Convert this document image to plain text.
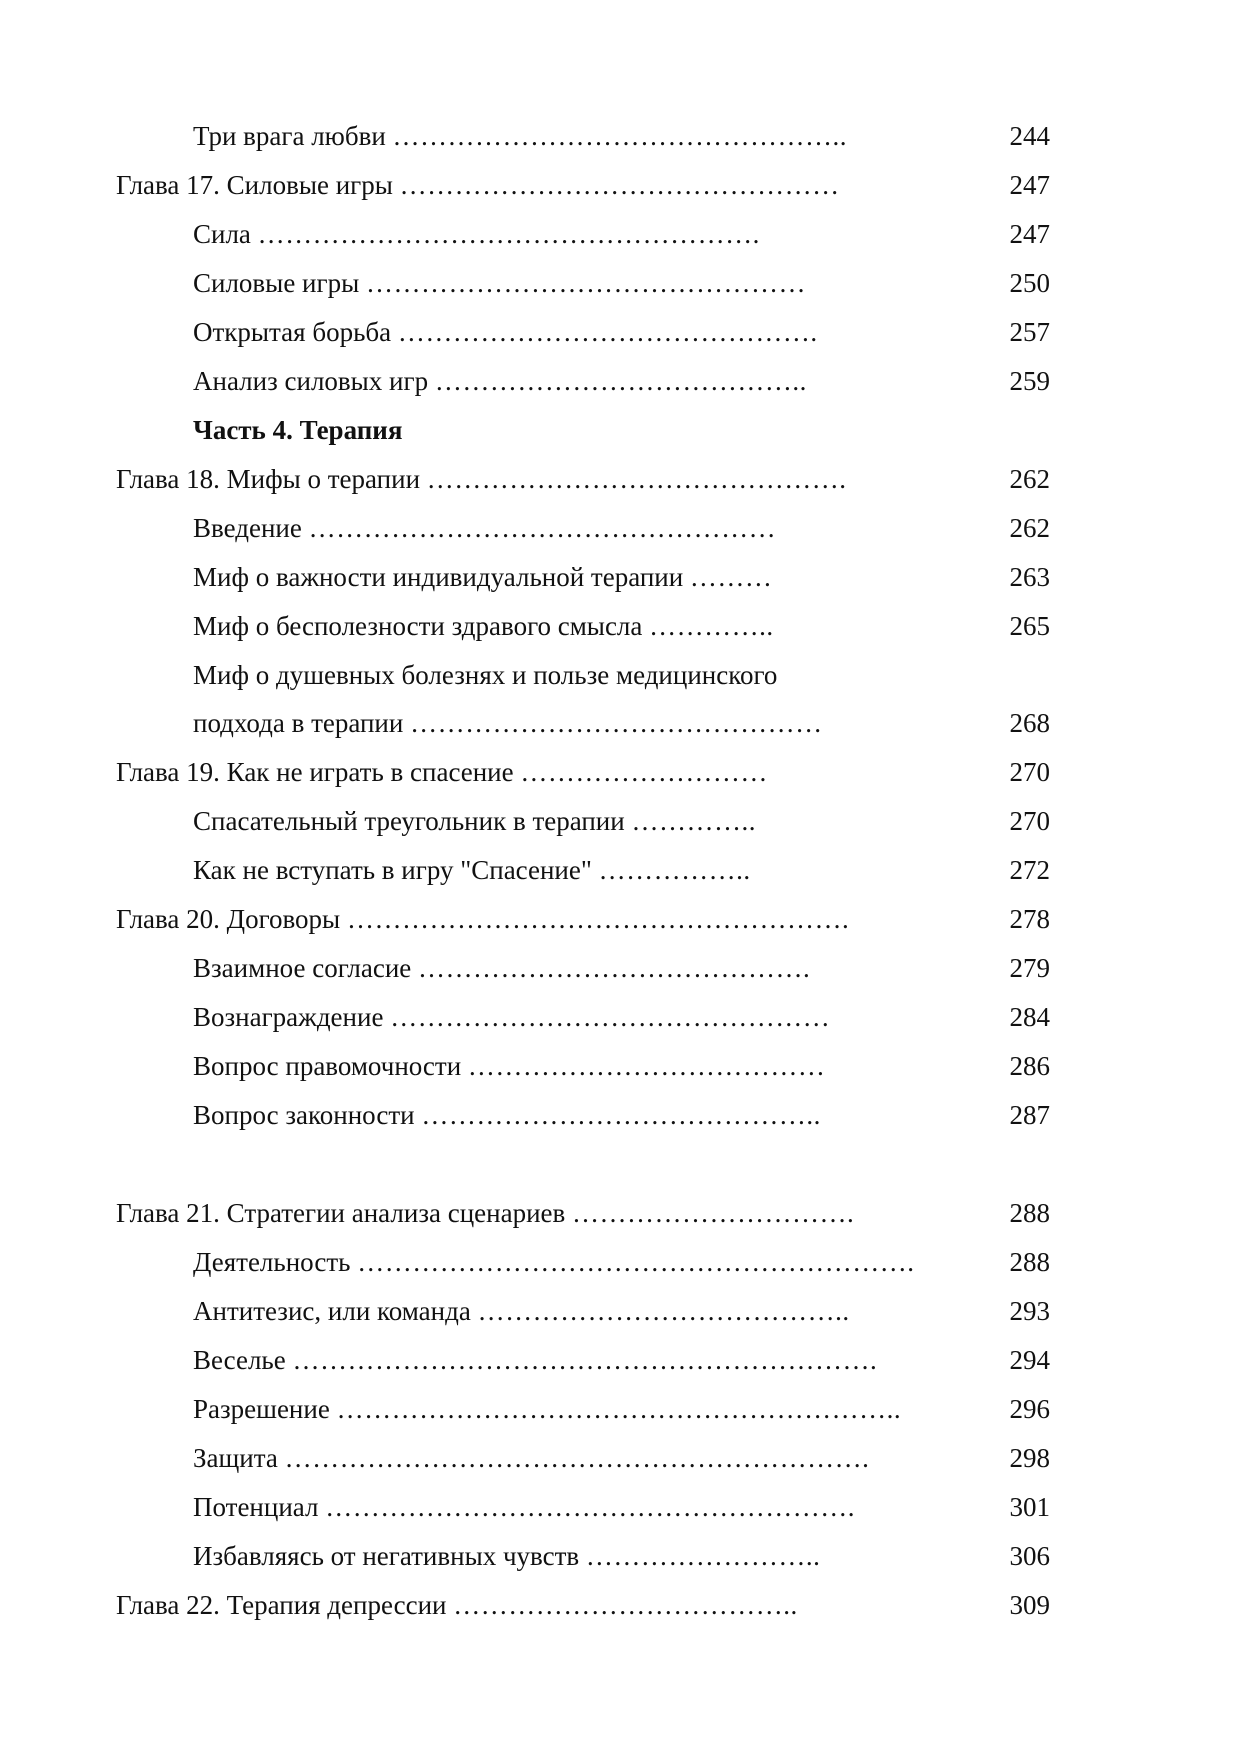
Три врага любви …………………………………………..	244
Глава 17. Силовые игры …………………………………………	247
Сила ……………………………………………….	247
Силовые игры …………………………………………	250
Открытая борьба ……………………………………….	257
Анализ силовых игр …………………………………..	259
Часть 4. Терапия
Глава 18. Мифы о терапии ……………………………………….	262
Введение ……………………………………………	262
Миф о важности индивидуальной терапии ………	263
Миф о бесполезности здравого смысла …………..	265
Миф о душевных болезнях и пользе медицинского
подхода в терапии ………………………………………	268
Глава 19. Как не играть в спасение ………………………	270
Спасательный треугольник в терапии …………..	270
Как не вступать в игру "Спасение" ……………..	272
Глава 20. Договоры ……………………………………………….	278
Взаимное согласие …………………………………….	279
Вознаграждение …………………………………………	284
Вопрос правомочности …………………………………	286
Вопрос законности ……………………………………..	287
Глава 21. Стратегии анализа сценариев ………………………….	288
Деятельность …………………………………………………….	288
Антитезис, или команда …………………………………..	293
Веселье ……………………………………………………….	294
Разрешение ……………………………………………………..	296
Защита ……………………………………………………….	298
Потенциал ………………………………………………….	301
Избавляясь от негативных чувств ……………………..	306
Глава 22. Терапия депрессии ………………………………..	309
